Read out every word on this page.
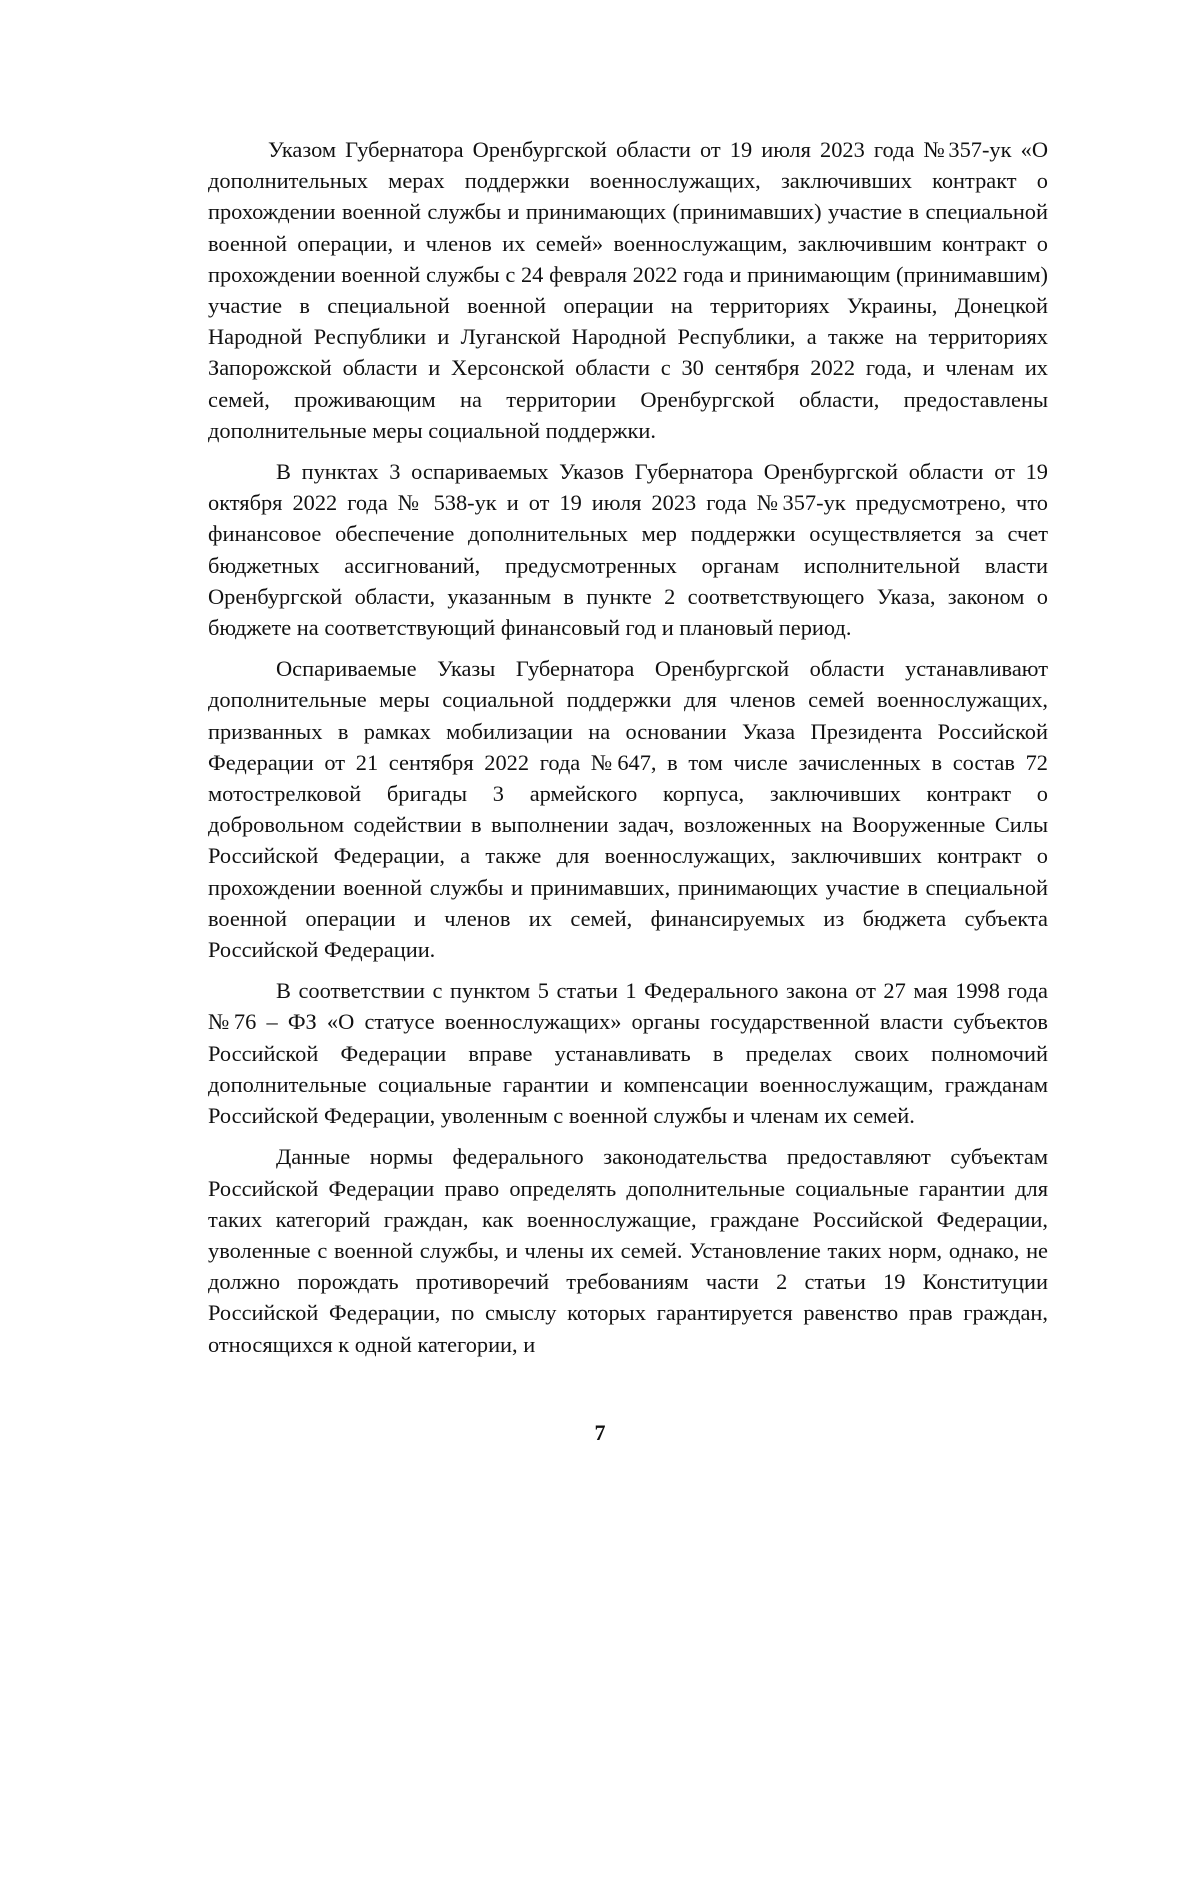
Указом Губернатора Оренбургской области от 19 июля 2023 года №357-ук «О дополнительных мерах поддержки военнослужащих, заключивших контракт о прохождении военной службы и принимающих (принимавших) участие в специальной военной операции, и членов их семей» военнослужащим, заключившим контракт о прохождении военной службы с 24 февраля 2022 года и принимающим (принимавшим) участие в специальной военной операции на территориях Украины, Донецкой Народной Республики и Луганской Народной Республики, а также на территориях Запорожской области и Херсонской области с 30 сентября 2022 года, и членам их семей, проживающим на территории Оренбургской области, предоставлены дополнительные меры социальной поддержки.

В пунктах 3 оспариваемых Указов Губернатора Оренбургской области от 19 октября 2022 года № 538-ук и от 19 июля 2023 года №357-ук предусмотрено, что финансовое обеспечение дополнительных мер поддержки осуществляется за счет бюджетных ассигнований, предусмотренных органам исполнительной власти Оренбургской области, указанным в пункте 2 соответствующего Указа, законом о бюджете на соответствующий финансовый год и плановый период.

Оспариваемые Указы Губернатора Оренбургской области устанавливают дополнительные меры социальной поддержки для членов семей военнослужащих, призванных в рамках мобилизации на основании Указа Президента Российской Федерации от 21 сентября 2022 года №647, в том числе зачисленных в состав 72 мотострелковой бригады 3 армейского корпуса, заключивших контракт о добровольном содействии в выполнении задач, возложенных на Вооруженные Силы Российской Федерации, а также для военнослужащих, заключивших контракт о прохождении военной службы и принимавших, принимающих участие в специальной военной операции и членов их семей, финансируемых из бюджета субъекта Российской Федерации.

В соответствии с пунктом 5 статьи 1 Федерального закона от 27 мая 1998 года №76 – ФЗ «О статусе военнослужащих» органы государственной власти субъектов Российской Федерации вправе устанавливать в пределах своих полномочий дополнительные социальные гарантии и компенсации военнослужащим, гражданам Российской Федерации, уволенным с военной службы и членам их семей.

Данные нормы федерального законодательства предоставляют субъектам Российской Федерации право определять дополнительные социальные гарантии для таких категорий граждан, как военнослужащие, граждане Российской Федерации, уволенные с военной службы, и члены их семей. Установление таких норм, однако, не должно порождать противоречий требованиям части 2 статьи 19 Конституции Российской Федерации, по смыслу которых гарантируется равенство прав граждан, относящихся к одной категории, и

7
